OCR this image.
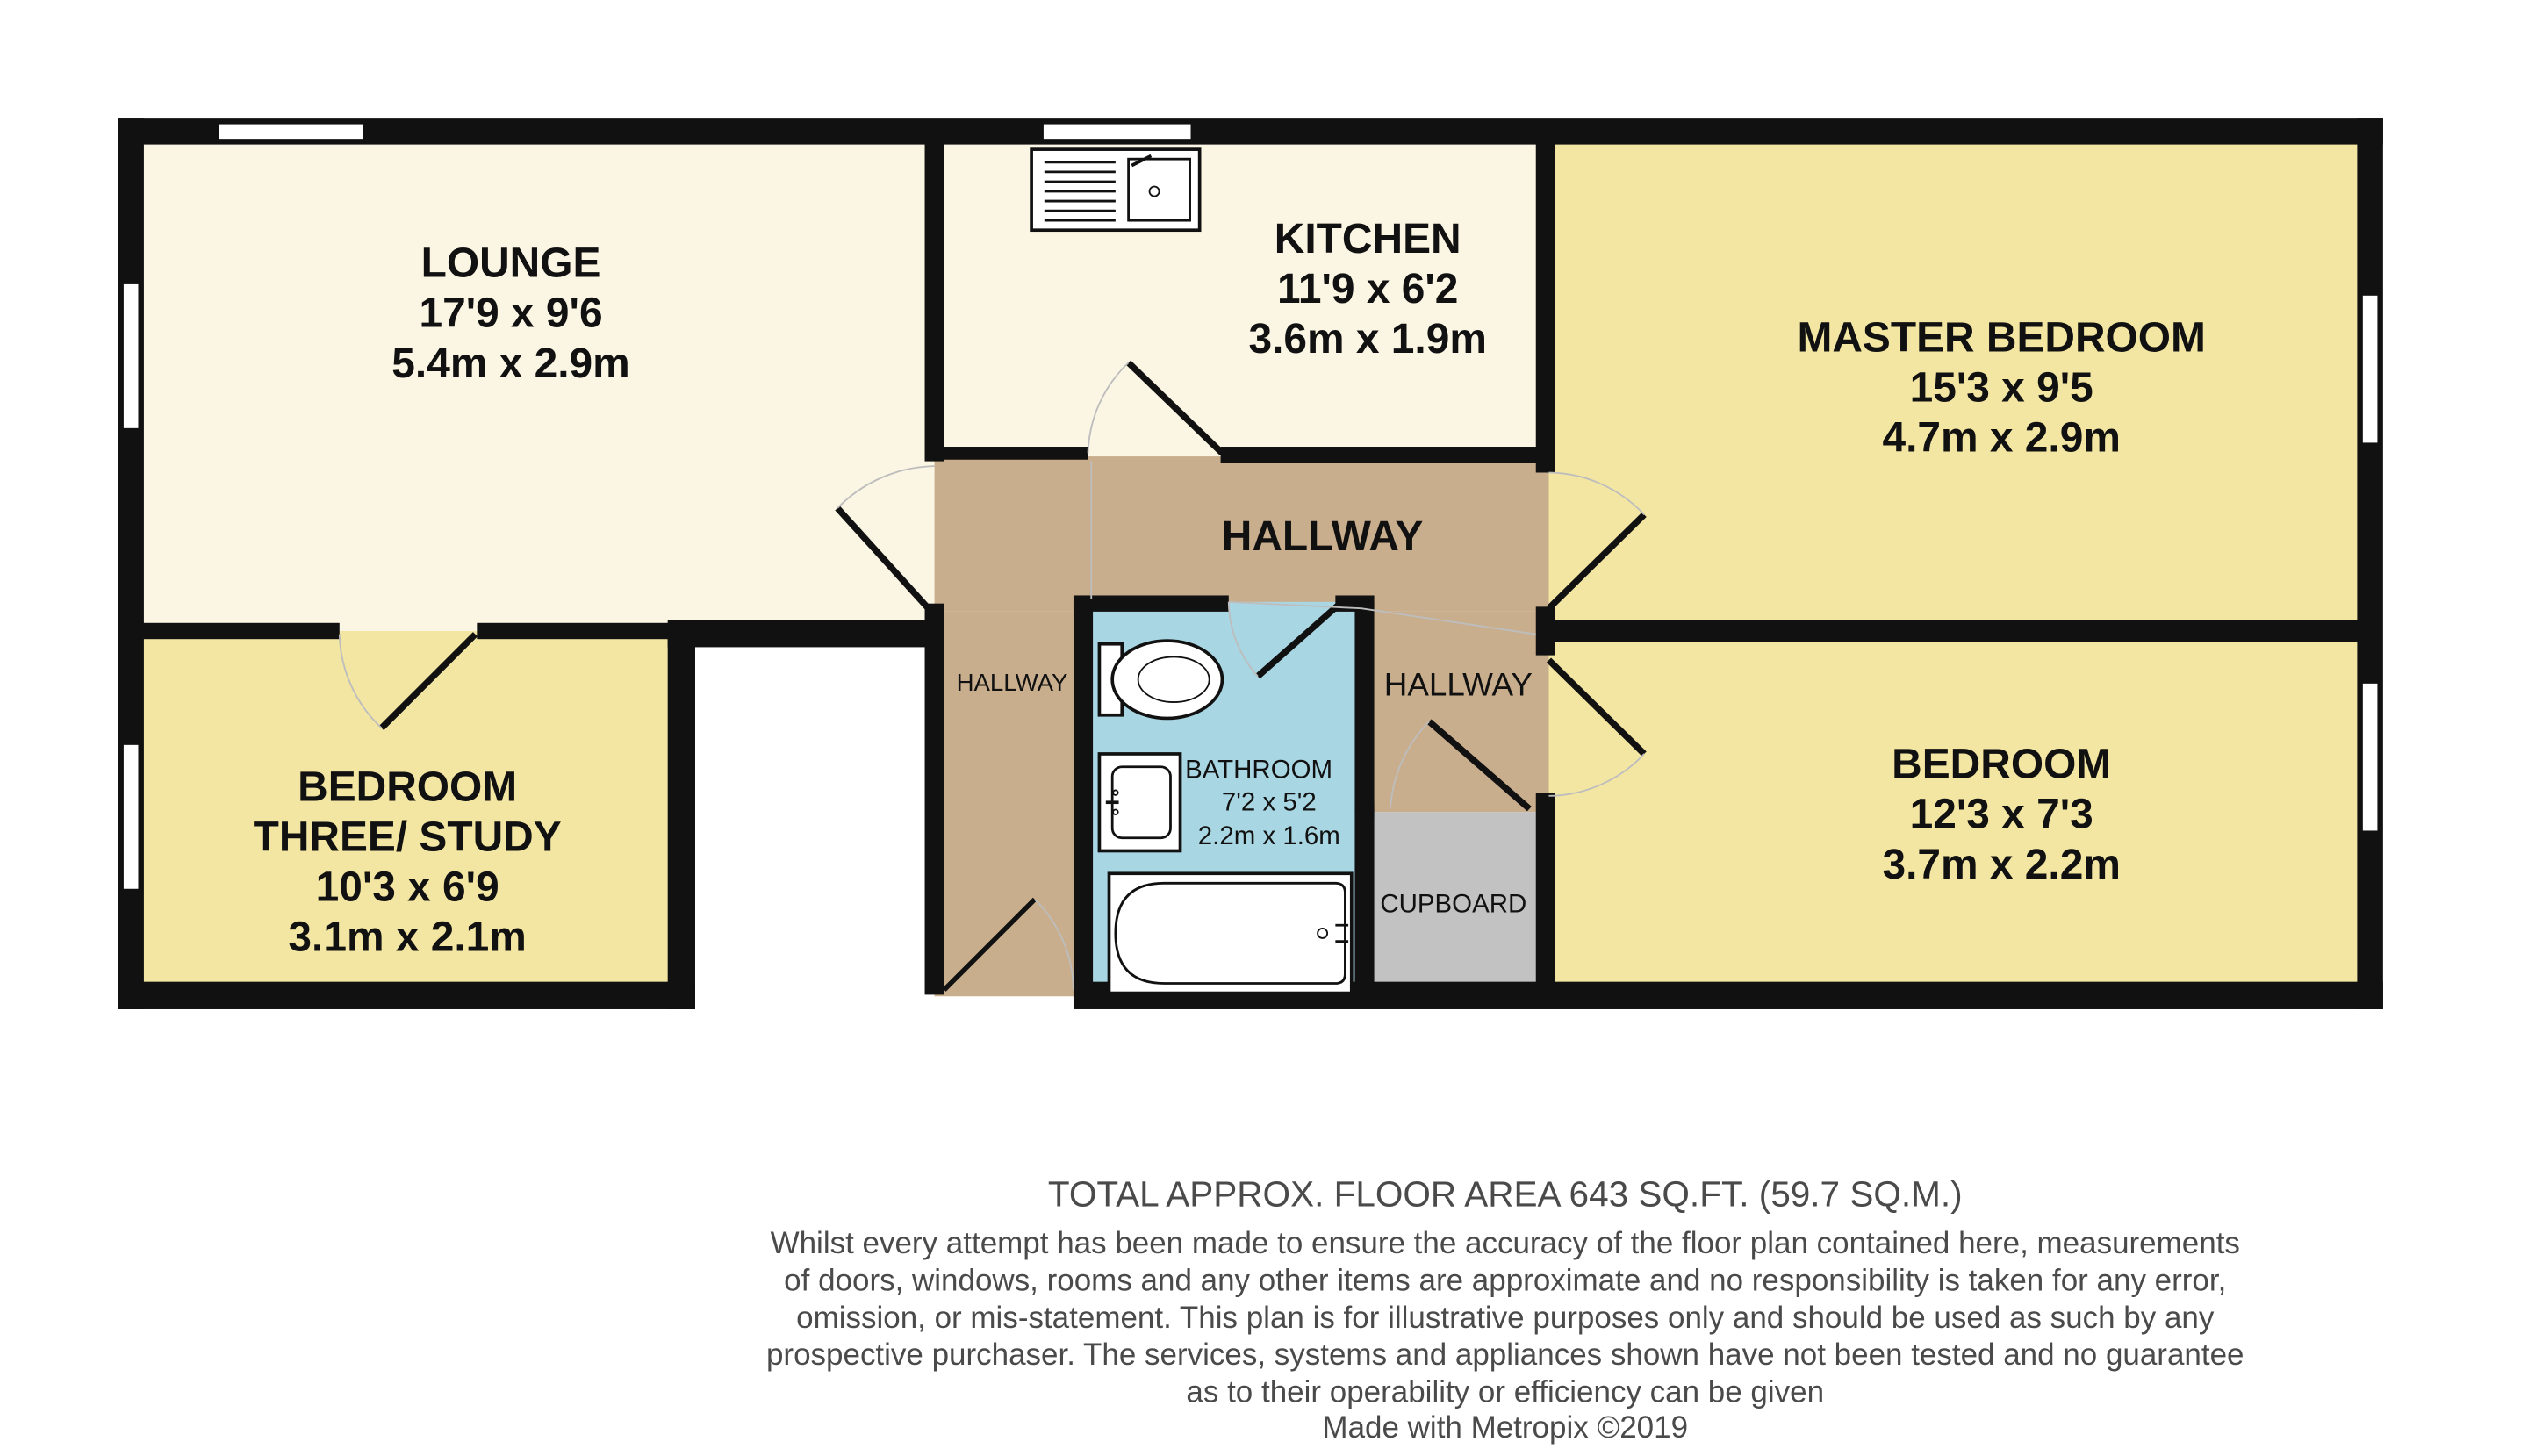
LOUNGE
17'9 x 9'6
5.4m x 2.9m
KITCHEN
11'9 x 6'2
3.6m x 1.9m	MASTER BEDROOM
15'3 x 9'5
4.7m x 2.9m
BEDROOM
THREE/ STUDY
10'3 x 6'9
3.1m x 2.1m
BEDROOM
12'3 x 7'3
3.7m x 2.2m
BATHROOM
7'2 x 5'2
2.2m x 1.6m
HALLWAY
HALLWAY	HALLWAY
CUPBOARD
TOTAL APPROX. FLOOR AREA 643 SQ.FT. (59.7 SQ.M.)
Whilst every attempt has been made to ensure the accuracy of the floor plan contained here, measurements
of doors, windows, rooms and any other items are approximate and no responsibility is taken for any error,
omission, or mis-statement. This plan is for illustrative purposes only and should be used as such by any
prospective purchaser. The services, systems and appliances shown have not been tested and no guarantee
as to their operability or efficiency can be given
Made with Metropix ©2019
